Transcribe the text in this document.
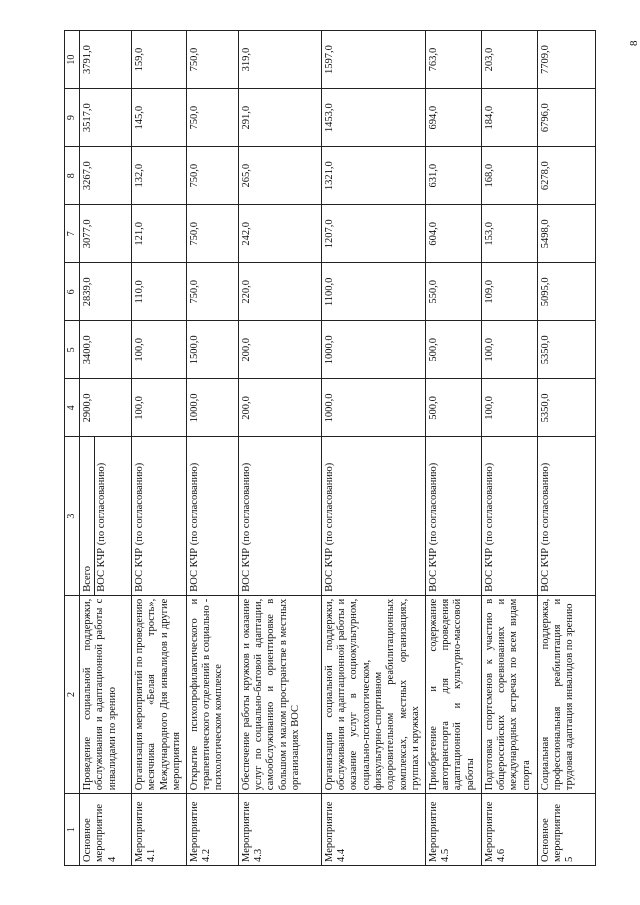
8
1	2	3	4	5	6	7	8	9	10
Основное мероприятие 4	Проведение социальной поддержки, обслуживания и адаптационной работы с инвалидами по зрению	Всего ВОС КЧР (по согласованию)	2900,0	3400,0	2839,0	3077,0	3267,0	3517,0	3791,0
Мероприятие 4.1	Организация мероприятий по проведению месячника «Белая трость», Международного Дня инвалидов и другие мероприятия	ВОС КЧР (по согласованию)	100,0	100,0	110,0	121,0	132,0	145,0	159,0
Мероприятие 4.2	Открытие психопрофилактического и терапевтического отделений в социально - психологическом комплексе	ВОС КЧР (по согласованию)	1000,0	1500,0	750,0	750,0	750,0	750,0	750,0
Мероприятие 4.3	Обеспечение работы кружков и оказание услуг по социально-бытовой адаптации, самообслуживанию и ориентировке в большом и малом пространстве в местных организациях ВОС	ВОС КЧР (по согласованию)	200,0	200,0	220,0	242,0	265,0	291,0	319,0
Мероприятие 4.4	Организация социальной поддержки, обслуживания и адаптационной работы и оказание услуг в социокультурном, социально-психологическом, физкультурно-спортивном оздоровительном реабилитационных комплексах, местных организациях, группах и кружках	ВОС КЧР (по согласованию)	1000,0	1000,0	1100,0	1207,0	1321,0	1453,0	1597,0
Мероприятие 4.5	Приобретение и содержание автотранспорта для проведения адаптационной и культурно-массовой работы	ВОС КЧР (по согласованию)	500,0	500,0	550,0	604,0	631,0	694,0	763,0
Мероприятие 4.6	Подготовка спортсменов к участию в общероссийских соревнованиях и международных встречах по всем видам спорта	ВОС КЧР (по согласованию)	100,0	100,0	109,0	153,0	168,0	184,0	203,0
Основное мероприятие 5	Социальная поддержка, профессиональная реабилитация и трудовая адаптация инвалидов по зрению	ВОС КЧР (по согласованию)	5350,0	5350,0	5095,0	5498,0	6278,0	6796,0	7709,0
